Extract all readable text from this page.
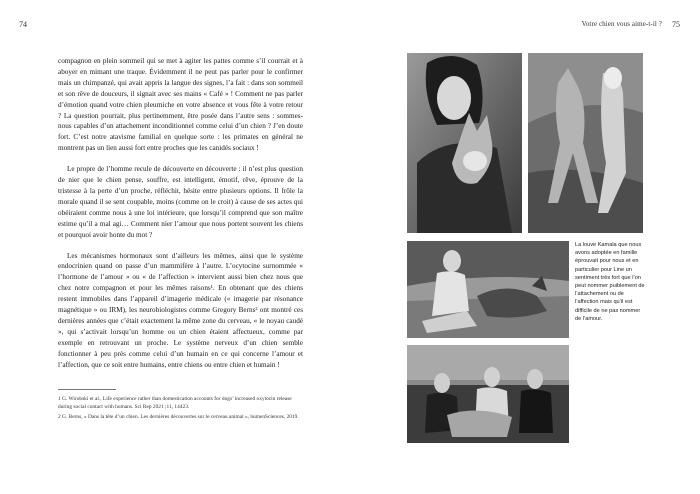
74	Votre chien vous aime-t-il ? 75

compagnon en plein sommeil qui se met à agiter les pattes comme s’il courrait et à aboyer en mimant une traque. Évidemment il ne peut pas parler pour le confirmer mais un chimpanzé, qui avait appris la langue des signes, l’a fait : dans son sommeil et son rêve de douceurs, il signait avec ses mains « Café » ! Comment ne pas parler d’émotion quand votre chien pleurniche en votre absence et vous fête à votre retour ? La question pourrait, plus pertinemment, être posée dans l’autre sens : sommes-nous capables d’un attachement inconditionnel comme celui d’un chien ? J’en doute fort. C’est notre atavisme familial en quelque sorte : les primates en général ne montrent pas un lien aussi fort entre proches que les canidés sociaux !

Le propre de l’homme recule de découverte en découverte : il n’est plus question de nier que le chien pense, souffre, est intelligent, émotif, rêve, éprouve de la tristesse à la perte d’un proche, réfléchit, hésite entre plusieurs options. Il frôle la morale quand il se sent coupable, moins (comme on le croit) à cause de ses actes qui obéiraient comme nous à une loi intérieure, que lorsqu’il comprend que son maître estime qu’il a mal agi… Comment nier l’amour que nous portent souvent les chiens et pourquoi avoir honte du mot ?

Les mécanismes hormonaux sont d’ailleurs les mêmes, ainsi que le système endocrinien quand on passe d’un mammifère à l’autre. L’ocytocine surnommée « l’hormone de l’amour » ou « de l’affection » intervient aussi bien chez nous que chez notre compagnon et pour les mêmes raisons¹. En obtenant que des chiens restent immobiles dans l’appareil d’imagerie médicale (« imagerie par résonance magnétique » ou IRM), les neurobiologistes comme Gregory Berns² ont montré ces dernières années que c’était exactement la même zone du cerveau, « le noyau caudé », qui s’activait lorsqu’un homme ou un chien étaient affectueux, comme par exemple en retrouvant un proche. Le système nerveux d’un chien semble fonctionner à peu près comme celui d’un humain en ce qui concerne l’amour et l’affection, que ce soit entre humains, entre chiens ou entre chien et humain !

1 G. Wirobski et al., Life experience rather than domestication accounts for dogs’ increased oxytocin release during social contact with humans. Sci Rep 2021 ;11, 14423.

2 G. Berns, « Dans la tête d’un chien. Les dernières découvertes sur le cerveau animal », humenSciences, 2019.

La louve Kamala que nous avons adoptée en famille éprouvait pour nous et en particulier pour Line un sentiment très fort que l’on peut nommer puiblement de l’attachement ou de l’affection mais qu’il est difficile de ne pas nommer de l’amour.
